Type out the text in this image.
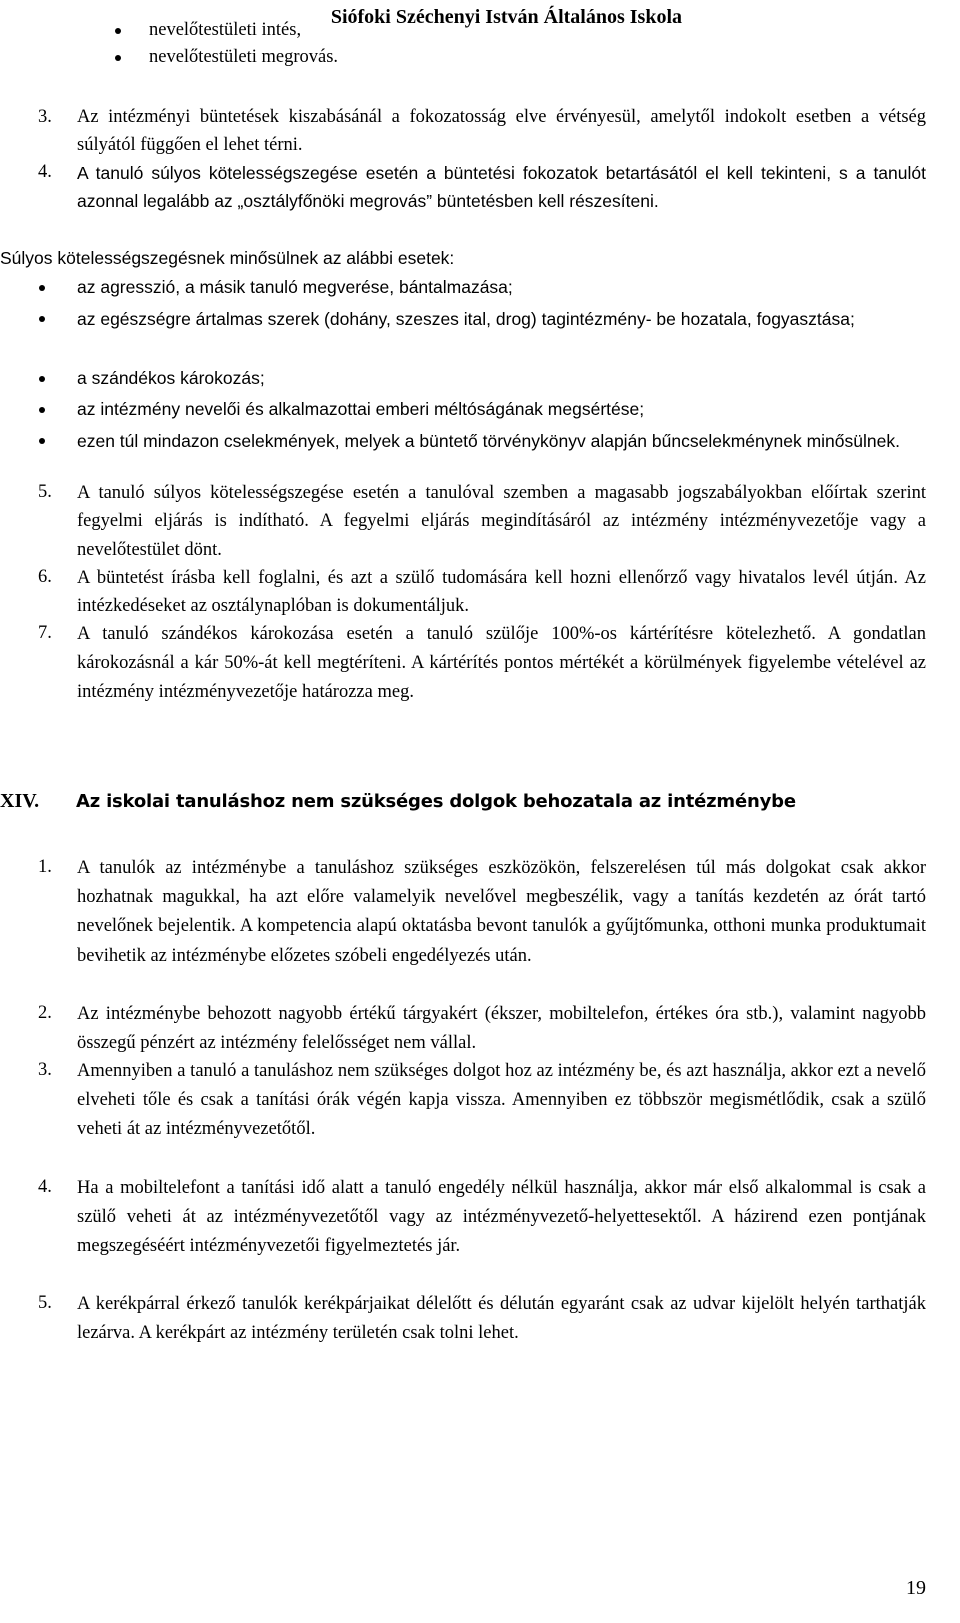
Siófoki Széchenyi István Általános Iskola
nevelőtestületi intés,
nevelőtestületi megrovás.
3. Az intézményi büntetések kiszabásánál a fokozatosság elve érvényesül, amelytől indokolt esetben a vétség súlyától függően el lehet térni.
4. A tanuló súlyos kötelességszegése esetén a büntetési fokozatok betartásától el kell tekinteni, s a tanulót azonnal legalább az „osztályfőnöki megrovás” büntetésben kell részesíteni.
Súlyos kötelességszegésnek minősülnek az alábbi esetek:
az agresszió, a másik tanuló megverése, bántalmazása;
az egészségre ártalmas szerek (dohány, szeszes ital, drog) tagintézmény- be hozatala, fogyasztása;
a szándékos károkozás;
az intézmény nevelői és alkalmazottai emberi méltóságának megsértése;
ezen túl mindazon cselekmények, melyek a büntető törvénykönyv alapján bűncselekménynek minősülnek.
5. A tanuló súlyos kötelességszegése esetén a tanulóval szemben a magasabb jogszabályokban előírtak szerint fegyelmi eljárás is indítható. A fegyelmi eljárás megindításáról az intézmény intézményvezetője vagy a nevelőtestület dönt.
6. A büntetést írásba kell foglalni, és azt a szülő tudomására kell hozni ellenőrző vagy hivatalos levél útján. Az intézkedéseket az osztálynaplóban is dokumentáljuk.
7. A tanuló szándékos károkozása esetén a tanuló szülője 100%-os kártérítésre kötelezhető. A gondatlan károkozásnál a kár 50%-át kell megtéríteni. A kártérítés pontos mértékét a körülmények figyelembe vételével az intézmény intézményvezetője határozza meg.
XIV. Az iskolai tanuláshoz nem szükséges dolgok behozatala az intézménybe
1. A tanulók az intézménybe a tanuláshoz szükséges eszközökön, felszerelésen túl más dolgokat csak akkor hozhatnak magukkal, ha azt előre valamelyik nevelővel megbeszélik, vagy a tanítás kezdetén az órát tartó nevelőnek bejelentik. A kompetencia alapú oktatásba bevont tanulók a gyűjtőmunka, otthoni munka produktumait bevihetik az intézménybe előzetes szóbeli engedélyezés után.
2. Az intézménybe behozott nagyobb értékű tárgyakért (ékszer, mobiltelefon, értékes óra stb.), valamint nagyobb összegű pénzért az intézmény felelősséget nem vállal.
3. Amennyiben a tanuló a tanuláshoz nem szükséges dolgot hoz az intézmény be, és azt használja, akkor ezt a nevelő elveheti tőle és csak a tanítási órák végén kapja vissza. Amennyiben ez többször megismétlődik, csak a szülő veheti át az intézményvezetőtől.
4. Ha a mobiltelefont a tanítási idő alatt a tanuló engedély nélkül használja, akkor már első alkalommal is csak a szülő veheti át az intézményvezetőtől vagy az intézményvezető-helyettesektől. A házirend ezen pontjának megszegéséért intézményvezetői figyelmeztetés jár.
5. A kerékpárral érkező tanulók kerékpárjaikat délelőtt és délután egyaránt csak az udvar kijelölt helyén tarthatják lezárva. A kerékpárt az intézmény területén csak tolni lehet.
19
